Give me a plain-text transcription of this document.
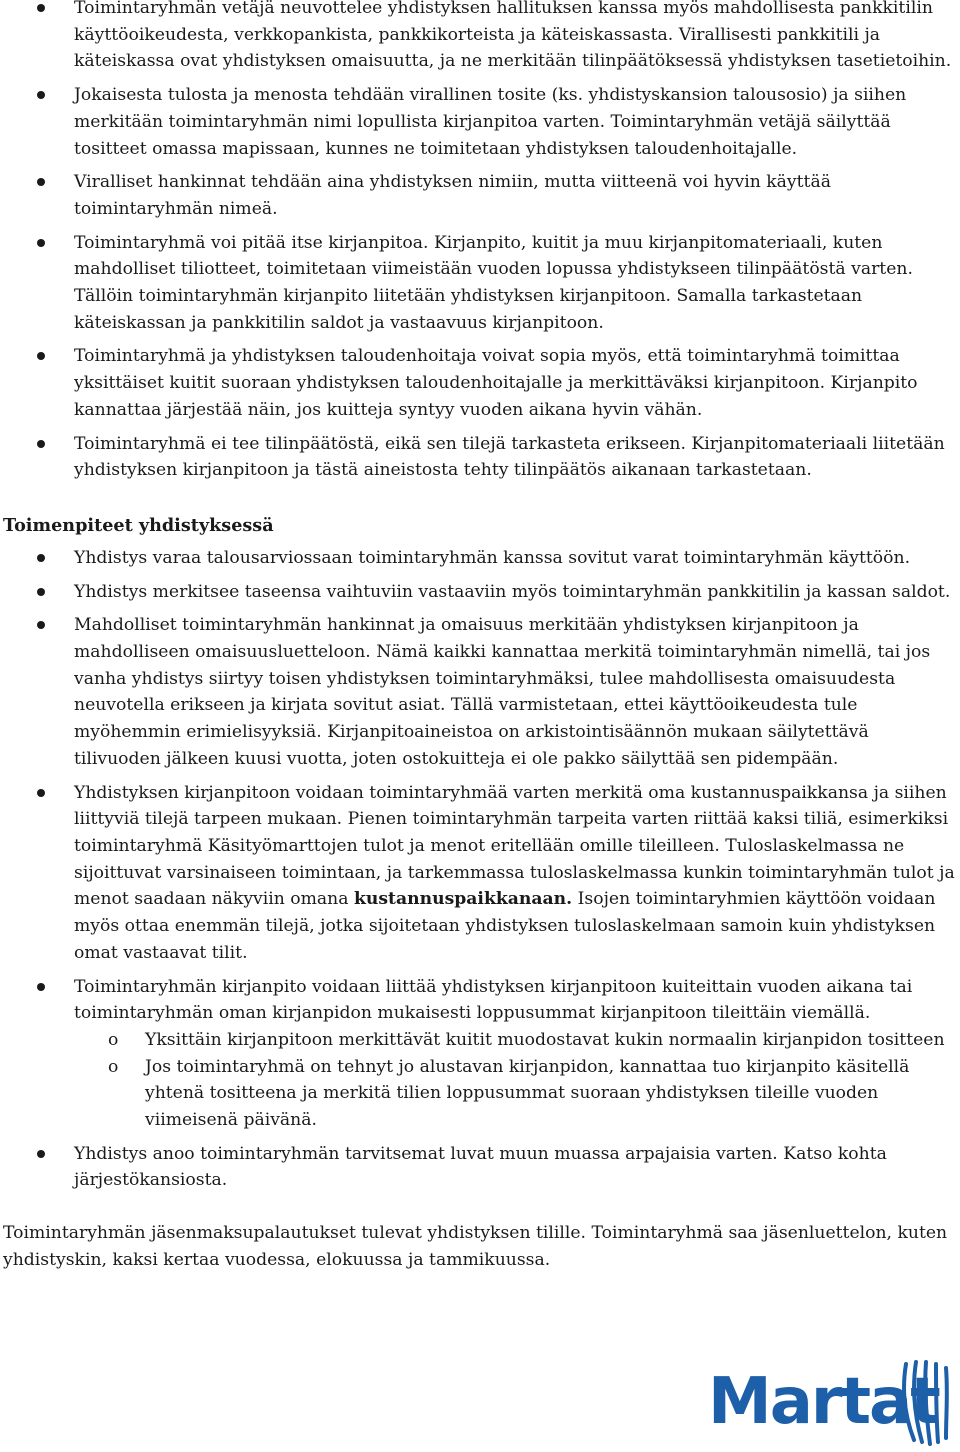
Toimintaryhmän vetäjä neuvottelee yhdistyksen hallituksen kanssa myös mahdollisesta pankkitilin käyttöoikeudesta, verkkopankista, pankkikorteista ja käteiskassasta. Virallisesti pankkitili ja käteiskassa ovat yhdistyksen omaisuutta, ja ne merkitään tilinpäätöksessä yhdistyksen tasetietoihin.
Jokaisesta tulosta ja menosta tehdään virallinen tosite (ks. yhdistyskansion talousosio) ja siihen merkitään toimintaryhmän nimi lopullista kirjanpitoa varten. Toimintaryhmän vetäjä säilyttää tositteet omassa mapissaan, kunnes ne toimitetaan yhdistyksen taloudenhoitajalle.
Viralliset hankinnat tehdään aina yhdistyksen nimiin, mutta viitteenä voi hyvin käyttää toimintaryhmän nimeä.
Toimintaryhmä voi pitää itse kirjanpitoa. Kirjanpito, kuitit ja muu kirjanpitomateriaali, kuten mahdolliset tiliotteet, toimitetaan viimeistään vuoden lopussa yhdistykseen tilinpäätöstä varten. Tällöin toimintaryhmän kirjanpito liitetään yhdistyksen kirjanpitoon. Samalla tarkastetaan käteiskassan ja pankkitilin saldot ja vastaavuus kirjanpitoon.
Toimintaryhmä ja yhdistyksen taloudenhoitaja voivat sopia myös, että toimintaryhmä toimittaa yksittäiset kuitit suoraan yhdistyksen taloudenhoitajalle ja merkittäväksi kirjanpitoon. Kirjanpito kannattaa järjestää näin, jos kuitteja syntyy vuoden aikana hyvin vähän.
Toimintaryhmä ei tee tilinpäätöstä, eikä sen tilejä tarkasteta erikseen. Kirjanpitomateriaali liitetään yhdistyksen kirjanpitoon ja tästä aineistosta tehty tilinpäätös aikanaan tarkastetaan.
Toimenpiteet yhdistyksessä
Yhdistys varaa talousarviossaan toimintaryhmän kanssa sovitut varat toimintaryhmän käyttöön.
Yhdistys merkitsee taseensa vaihtuviin vastaaviin myös toimintaryhmän pankkitilin ja kassan saldot.
Mahdolliset toimintaryhmän hankinnat ja omaisuus merkitään yhdistyksen kirjanpitoon ja mahdolliseen omaisuusluetteloon. Nämä kaikki kannattaa merkitä toimintaryhmän nimellä, tai jos vanha yhdistys siirtyy toisen yhdistyksen toimintaryhmäksi, tulee mahdollisesta omaisuudesta neuvotella erikseen ja kirjata sovitut asiat. Tällä varmistetaan, ettei käyttöoikeudesta tule myöhemmin erimielisyyksiä. Kirjanpitoaineistoa on arkistointisäännön mukaan säilytettävä tilivuoden jälkeen kuusi vuotta, joten ostokuitteja ei ole pakko säilyttää sen pidempään.
Yhdistyksen kirjanpitoon voidaan toimintaryhmää varten merkitä oma kustannuspaikkansa ja siihen liittyviä tilejä tarpeen mukaan. Pienen toimintaryhmän tarpeita varten riittää kaksi tiliä, esimerkiksi toimintaryhmä Käsityömarttojen tulot ja menot eritellään omille tileilleen. Tuloslaskelmassa ne sijoittuvat varsinaiseen toimintaan, ja tarkemmassa tuloslaskelmassa kunkin toimintaryhmän tulot ja menot saadaan näkyviin omana kustannuspaikkanaan. Isojen toimintaryhmien käyttöön voidaan myös ottaa enemmän tilejä, jotka sijoitetaan yhdistyksen tuloslaskelmaan samoin kuin yhdistyksen omat vastaavat tilit.
Toimintaryhmän kirjanpito voidaan liittää yhdistyksen kirjanpitoon kuiteittain vuoden aikana tai toimintaryhmän oman kirjanpidon mukaisesti loppusummat kirjanpitoon tileittäin viemällä.
o Yksittäin kirjanpitoon merkittävät kuitit muodostavat kukin normaalin kirjanpidon tositteen
o Jos toimintaryhmä on tehnyt jo alustavan kirjanpidon, kannattaa tuo kirjanpito käsitellä yhtenä tositteena ja merkitä tilien loppusummat suoraan yhdistyksen tileille vuoden viimeisenä päivänä.
Yhdistys anoo toimintaryhmän tarvitsemat luvat muun muassa arpajaisia varten. Katso kohta järjestökansiosta.

Toimintaryhmän jäsenmaksupalautukset tulevat yhdistyksen tilille. Toimintaryhmä saa jäsenluettelon, kuten yhdistyskin, kaksi kertaa vuodessa, elokuussa ja tammikuussa.

Martat
